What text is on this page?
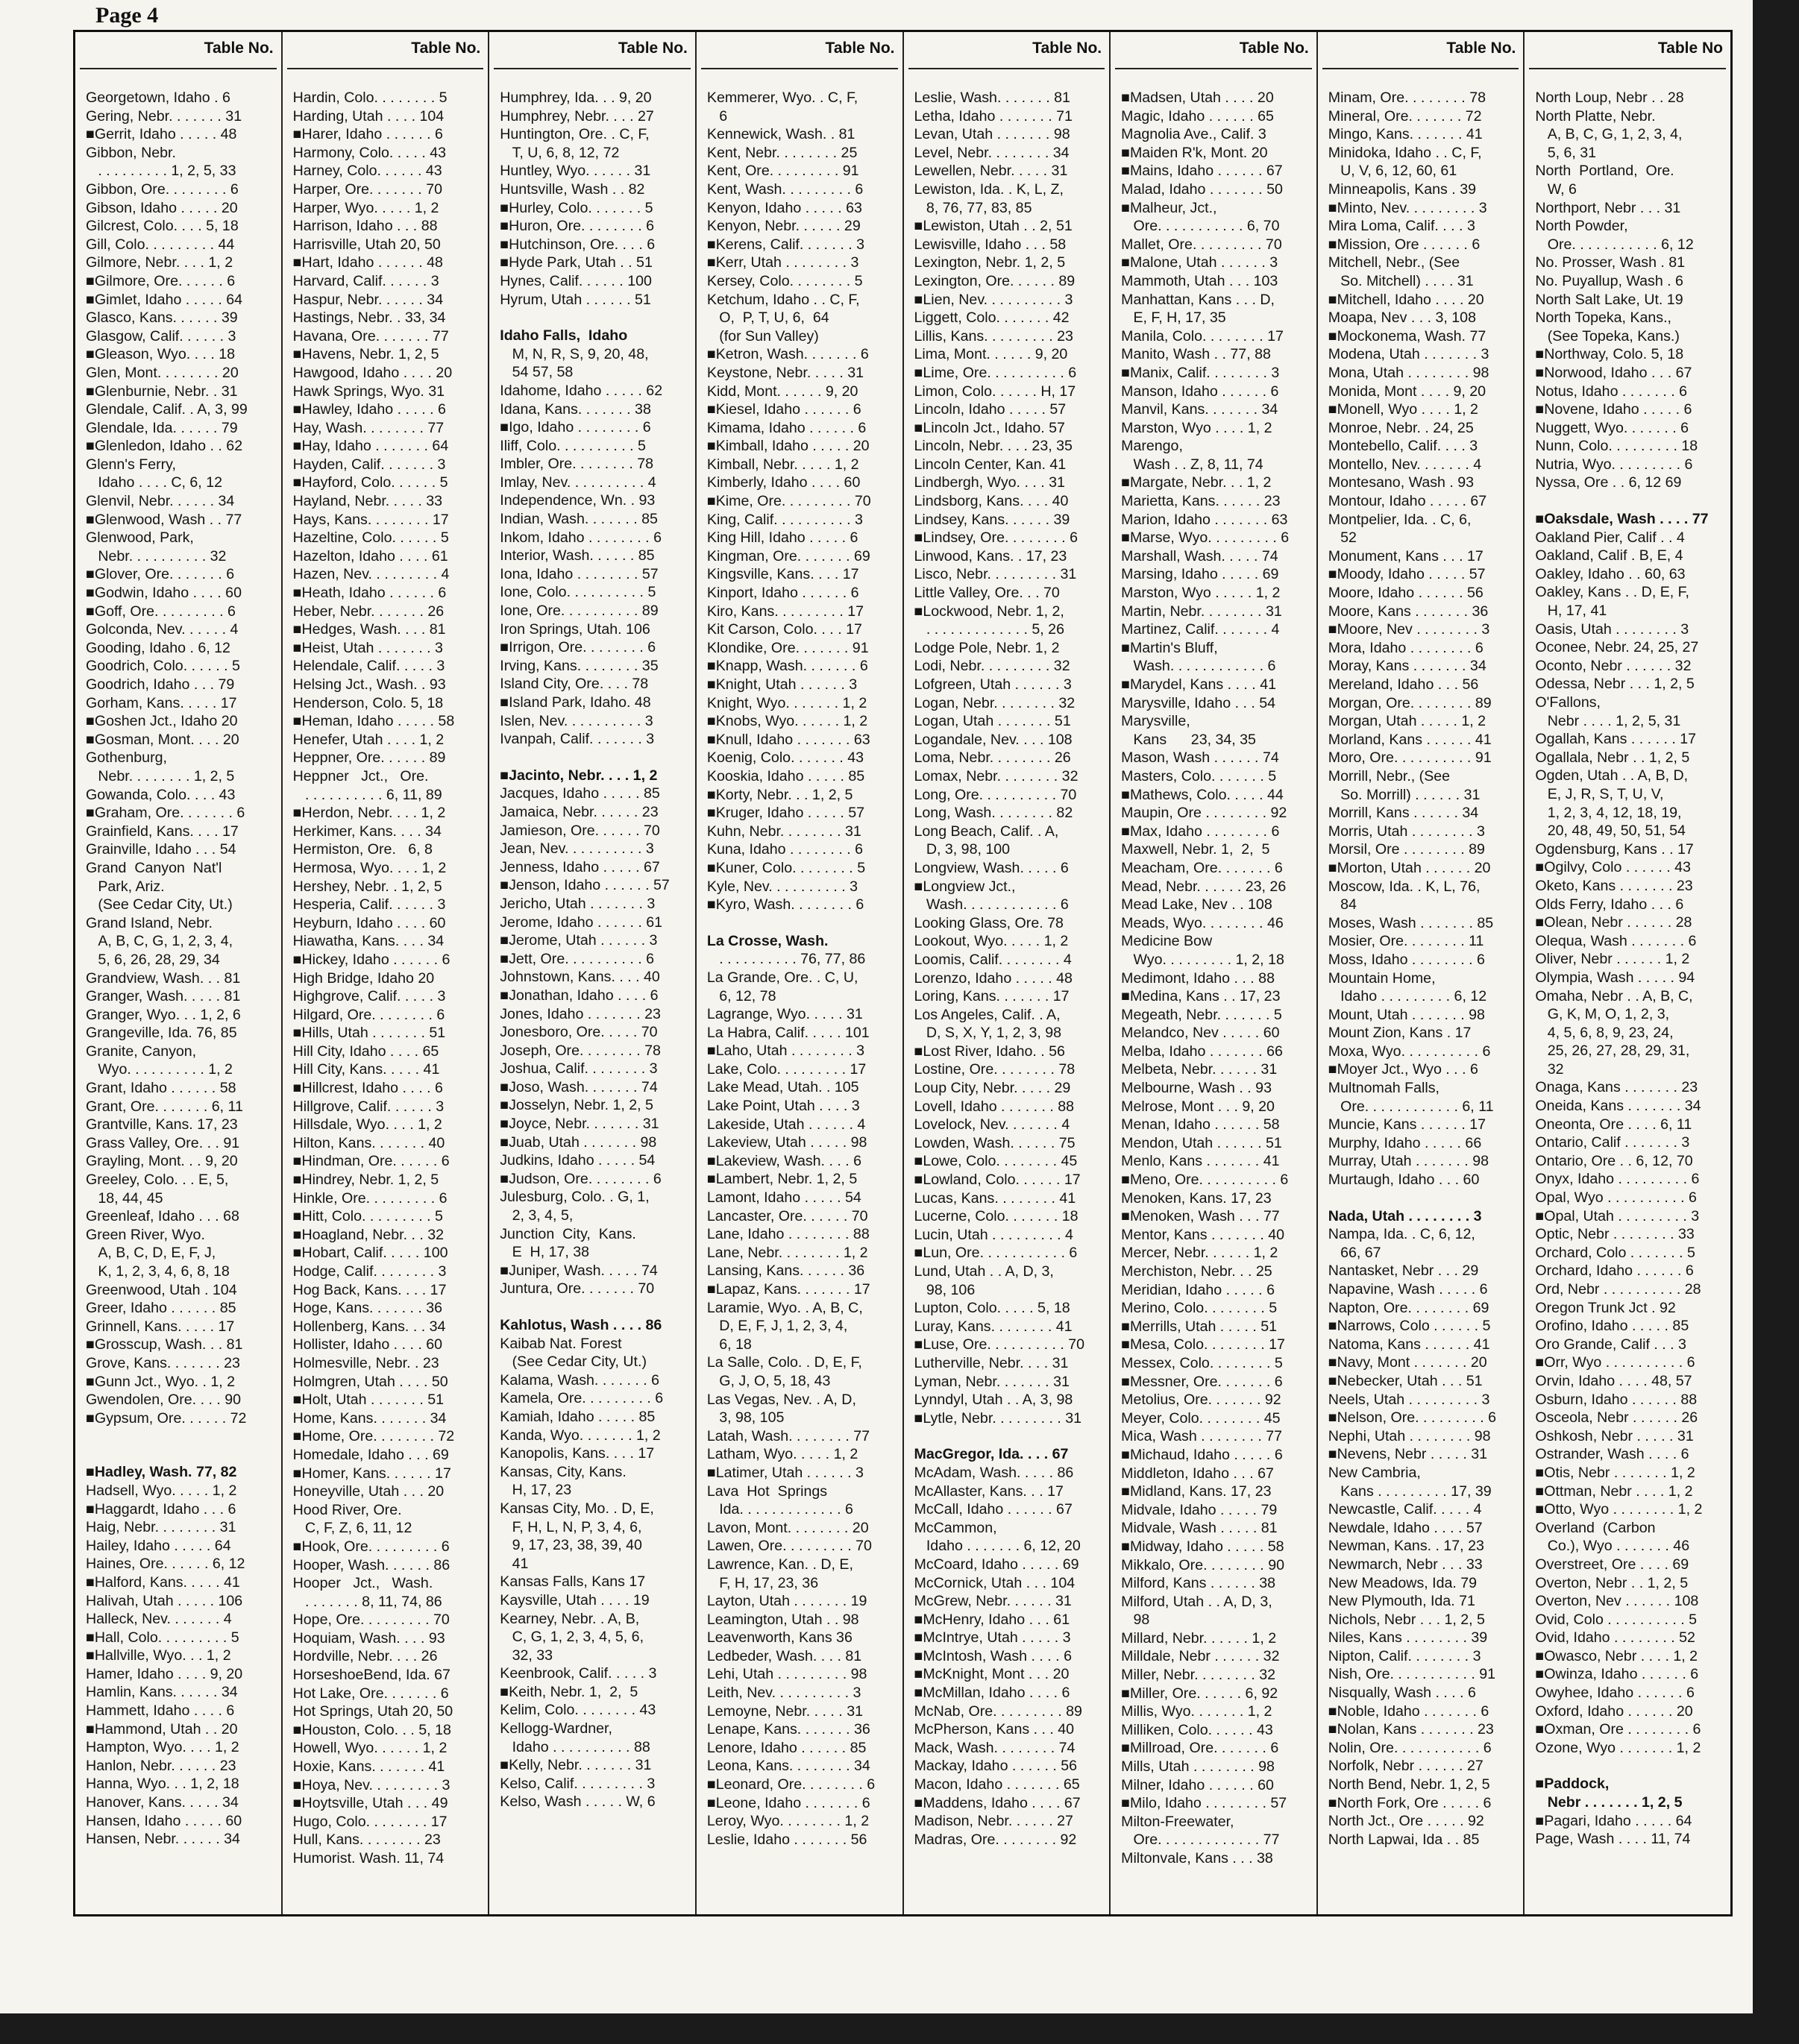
Page 4
Table No.
Georgetown, Idaho . 6
Gering, Nebr. . . . . . . 31
■Gerrit, Idaho . . . . . 48
Gibbon, Nebr.
. . . . . . . . . 1, 2, 5, 33
Gibbon, Ore. . . . . . . . 6
Gibson, Idaho . . . . . 20
Gilcrest, Colo. . . . 5, 18
Gill, Colo. . . . . . . . . 44
Gilmore, Nebr. . . . 1, 2
■Gilmore, Ore. . . . . . 6
■Gimlet, Idaho . . . . . 64
Glasco, Kans. . . . . . 39
Glasgow, Calif. . . . . . 3
■Gleason, Wyo. . . . 18
Glen, Mont. . . . . . . . 20
■Glenburnie, Nebr. . 31
Glendale, Calif. . A, 3, 99
Glendale, Ida. . . . . . 79
■Glenledon, Idaho . . 62
Glenn's Ferry,
Idaho . . . . C, 6, 12
Glenvil, Nebr. . . . . . 34
■Glenwood, Wash . . 77
Glenwood, Park,
Nebr. . . . . . . . . . 32
■Glover, Ore. . . . . . . 6
■Godwin, Idaho . . . . 60
■Goff, Ore. . . . . . . . . 6
Golconda, Nev. . . . . . 4
Gooding, Idaho . 6, 12
Goodrich, Colo. . . . . . 5
Goodrich, Idaho . . . 79
Gorham, Kans. . . . . 17
■Goshen Jct., Idaho 20
■Gosman, Mont. . . . 20
Gothenburg,
Nebr. . . . . . . . 1, 2, 5
Gowanda, Colo. . . . 43
■Graham, Ore. . . . . . . 6
Grainfield, Kans. . . . 17
Grainville, Idaho . . . 54
Grand  Canyon  Nat'l
Park, Ariz.
(See Cedar City, Ut.)
Grand Island, Nebr.
A, B, C, G, 1, 2, 3, 4,
5, 6, 26, 28, 29, 34
Grandview, Wash. . . 81
Granger, Wash. . . . . 81
Granger, Wyo. . . 1, 2, 6
Grangeville, Ida. 76, 85
Granite, Canyon,
Wyo. . . . . . . . . . 1, 2
Grant, Idaho . . . . . . 58
Grant, Ore. . . . . . . 6, 11
Grantville, Kans. 17, 23
Grass Valley, Ore. . . 91
Grayling, Mont. . . 9, 20
Greeley, Colo. . . E, 5,
18, 44, 45
Greenleaf, Idaho . . . 68
Green River, Wyo.
A, B, C, D, E, F, J,
K, 1, 2, 3, 4, 6, 8, 18
Greenwood, Utah . 104
Greer, Idaho . . . . . . 85
Grinnell, Kans. . . . . 17
■Grosscup, Wash. . . 81
Grove, Kans. . . . . . . 23
■Gunn Jct., Wyo. . 1, 2
Gwendolen, Ore. . . . 90
■Gypsum, Ore. . . . . . 72
■Hadley, Wash. 77, 82
Hadsell, Wyo. . . . . 1, 2
■Haggardt, Idaho . . . 6
Haig, Nebr. . . . . . . . 31
Hailey, Idaho . . . . . 64
Haines, Ore. . . . . . 6, 12
■Halford, Kans. . . . . 41
Halivah, Utah . . . . . 106
Halleck, Nev. . . . . . . 4
■Hall, Colo. . . . . . . . . 5
■Hallville, Wyo. . . 1, 2
Hamer, Idaho . . . . 9, 20
Hamlin, Kans. . . . . . 34
Hammett, Idaho . . . . 6
■Hammond, Utah . . 20
Hampton, Wyo. . . . 1, 2
Hanlon, Nebr. . . . . . 23
Hanna, Wyo. . . 1, 2, 18
Hanover, Kans. . . . . 34
Hansen, Idaho . . . . . 60
Hansen, Nebr. . . . . . 34
Table No.
Hardin, Colo. . . . . . . . 5
Harding, Utah . . . . 104
■Harer, Idaho . . . . . . 6
Harmony, Colo. . . . . 43
Harney, Colo. . . . . . 43
Harper, Ore. . . . . . . 70
Harper, Wyo. . . . . 1, 2
Harrison, Idaho . . . 88
Harrisville, Utah 20, 50
■Hart, Idaho . . . . . . 48
Harvard, Calif. . . . . . 3
Haspur, Nebr. . . . . . 34
Hastings, Nebr. . 33, 34
Havana, Ore. . . . . . . 77
■Havens, Nebr. 1, 2, 5
Hawgood, Idaho . . . . 20
Hawk Springs, Wyo. 31
■Hawley, Idaho . . . . . 6
Hay, Wash. . . . . . . . 77
■Hay, Idaho . . . . . . . 64
Hayden, Calif. . . . . . . 3
■Hayford, Colo. . . . . . 5
Hayland, Nebr. . . . . 33
Hays, Kans. . . . . . . . 17
Hazeltine, Colo. . . . . . 5
Hazelton, Idaho . . . . 61
Hazen, Nev. . . . . . . . . 4
■Heath, Idaho . . . . . . 6
Heber, Nebr. . . . . . . 26
■Hedges, Wash. . . . 81
■Heist, Utah . . . . . . . 3
Helendale, Calif. . . . . 3
Helsing Jct., Wash. . 93
Henderson, Colo. 5, 18
■Heman, Idaho . . . . . 58
Henefer, Utah . . . . 1, 2
Heppner, Ore. . . . . . 89
Heppner   Jct.,   Ore.
. . . . . . . . . . 6, 11, 89
■Herdon, Nebr. . . . 1, 2
Herkimer, Kans. . . . 34
Hermiston, Ore.   6, 8
Hermosa, Wyo. . . . 1, 2
Hershey, Nebr. . 1, 2, 5
Hesperia, Calif. . . . . . 3
Heyburn, Idaho . . . . 60
Hiawatha, Kans. . . . 34
■Hickey, Idaho . . . . . . 6
High Bridge, Idaho 20
Highgrove, Calif. . . . . 3
Hilgard, Ore. . . . . . . . 6
■Hills, Utah . . . . . . . 51
Hill City, Idaho . . . . 65
Hill City, Kans. . . . . 41
■Hillcrest, Idaho . . . . 6
Hillgrove, Calif. . . . . . 3
Hillsdale, Wyo. . . . 1, 2
Hilton, Kans. . . . . . . 40
■Hindman, Ore. . . . . . 6
■Hindrey, Nebr. 1, 2, 5
Hinkle, Ore. . . . . . . . . 6
■Hitt, Colo. . . . . . . . . 5
■Hoagland, Nebr. . . 32
■Hobart, Calif. . . . . 100
Hodge, Calif. . . . . . . . 3
Hog Back, Kans. . . . 17
Hoge, Kans. . . . . . . 36
Hollenberg, Kans. . . 34
Hollister, Idaho . . . . 60
Holmesville, Nebr. . 23
Holmgren, Utah . . . . 50
■Holt, Utah . . . . . . . 51
Home, Kans. . . . . . . 34
■Home, Ore. . . . . . . . 72
Homedale, Idaho . . . 69
■Homer, Kans. . . . . . 17
Honeyville, Utah . . . 20
Hood River, Ore.
C, F, Z, 6, 11, 12
■Hook, Ore. . . . . . . . . 6
Hooper, Wash. . . . . . 86
Hooper   Jct.,   Wash.
. . . . . . . 8, 11, 74, 86
Hope, Ore. . . . . . . . . 70
Hoquiam, Wash. . . . 93
Hordville, Nebr. . . . 26
HorseshoeBend, Ida. 67
Hot Lake, Ore. . . . . . . 6
Hot Springs, Utah 20, 50
■Houston, Colo. . . 5, 18
Howell, Wyo. . . . . . 1, 2
Hoxie, Kans. . . . . . . 41
■Hoya, Nev. . . . . . . . . 3
■Hoytsville, Utah . . . 49
Hugo, Colo. . . . . . . . 17
Hull, Kans. . . . . . . . 23
Humorist. Wash. 11, 74
Table No.
Humphrey, Ida. . . 9, 20
Humphrey, Nebr. . . . 27
Huntington, Ore. . C, F,
T, U, 6, 8, 12, 72
Huntley, Wyo. . . . . . 31
Huntsville, Wash . . 82
■Hurley, Colo. . . . . . . 5
■Huron, Ore. . . . . . . . 6
■Hutchinson, Ore. . . . 6
■Hyde Park, Utah . . 51
Hynes, Calif. . . . . . 100
Hyrum, Utah . . . . . . 51
Idaho Falls,  Idaho
M, N, R, S, 9, 20, 48,
54 57, 58
Idahome, Idaho . . . . . 62
Idana, Kans. . . . . . . 38
■Igo, Idaho . . . . . . . . 6
Iliff, Colo. . . . . . . . . . 5
Imbler, Ore. . . . . . . . 78
Imlay, Nev. . . . . . . . . . 4
Independence, Wn. . 93
Indian, Wash. . . . . . . 85
Inkom, Idaho . . . . . . . . 6
Interior, Wash. . . . . . 85
Iona, Idaho . . . . . . . . 57
Ione, Colo. . . . . . . . . . 5
Ione, Ore. . . . . . . . . . 89
Iron Springs, Utah. 106
■Irrigon, Ore. . . . . . . . 6
Irving, Kans. . . . . . . . 35
Island City, Ore. . . . 78
■Island Park, Idaho. 48
Islen, Nev. . . . . . . . . . 3
Ivanpah, Calif. . . . . . . 3
■Jacinto, Nebr. . . . 1, 2
Jacques, Idaho . . . . . 85
Jamaica, Nebr. . . . . . 23
Jamieson, Ore. . . . . . 70
Jean, Nev. . . . . . . . . . 3
Jenness, Idaho . . . . . 67
■Jenson, Idaho . . . . . . 57
Jericho, Utah . . . . . . . 3
Jerome, Idaho . . . . . . 61
■Jerome, Utah . . . . . . 3
■Jett, Ore. . . . . . . . . . 6
Johnstown, Kans. . . . 40
■Jonathan, Idaho . . . . 6
Jones, Idaho . . . . . . . 23
Jonesboro, Ore. . . . . 70
Joseph, Ore. . . . . . . . 78
Joshua, Calif. . . . . . . . 3
■Joso, Wash. . . . . . . 74
■Josselyn, Nebr. 1, 2, 5
■Joyce, Nebr. . . . . . . 31
■Juab, Utah . . . . . . . 98
Judkins, Idaho . . . . . 54
■Judson, Ore. . . . . . . . 6
Julesburg, Colo. . G, 1,
2, 3, 4, 5,
Junction  City,  Kans.
E  H, 17, 38
■Juniper, Wash. . . . . 74
Juntura, Ore. . . . . . . 70
Kahlotus, Wash . . . . 86
Kaibab Nat. Forest
(See Cedar City, Ut.)
Kalama, Wash. . . . . . . 6
Kamela, Ore. . . . . . . . . 6
Kamiah, Idaho . . . . . 85
Kanda, Wyo. . . . . . . 1, 2
Kanopolis, Kans. . . . 17
Kansas, City, Kans.
H, 17, 23
Kansas City, Mo. . D, E,
F, H, L, N, P, 3, 4, 6,
9, 17, 23, 38, 39, 40
41
Kansas Falls, Kans 17
Kaysville, Utah . . . . 19
Kearney, Nebr. . A, B,
C, G, 1, 2, 3, 4, 5, 6,
32, 33
Keenbrook, Calif. . . . . 3
■Keith, Nebr. 1,  2,  5
Kelim, Colo. . . . . . . . 43
Kellogg-Wardner,
Idaho . . . . . . . . . . 88
■Kelly, Nebr. . . . . . . 31
Kelso, Calif. . . . . . . . . 3
Kelso, Wash . . . . . W, 6
Table No.
Kemmerer, Wyo. . C, F,
6
Kennewick, Wash. . 81
Kent, Nebr. . . . . . . . 25
Kent, Ore. . . . . . . . . 91
Kent, Wash. . . . . . . . . 6
Kenyon, Idaho . . . . . 63
Kenyon, Nebr. . . . . . 29
■Kerens, Calif. . . . . . . 3
■Kerr, Utah . . . . . . . . 3
Kersey, Colo. . . . . . . . 5
Ketchum, Idaho . . C, F,
O,  P, T, U, 6,  64
(for Sun Valley)
■Ketron, Wash. . . . . . . 6
Keystone, Nebr. . . . . 31
Kidd, Mont. . . . . . 9, 20
■Kiesel, Idaho . . . . . . 6
Kimama, Idaho . . . . . . 6
■Kimball, Idaho . . . . . 20
Kimball, Nebr. . . . . 1, 2
Kimberly, Idaho . . . . 60
■Kime, Ore. . . . . . . . . 70
King, Calif. . . . . . . . . . 3
King Hill, Idaho . . . . . 6
Kingman, Ore. . . . . . . 69
Kingsville, Kans. . . . 17
Kinport, Idaho . . . . . . 6
Kiro, Kans. . . . . . . . . 17
Kit Carson, Colo. . . . 17
Klondike, Ore. . . . . . . 91
■Knapp, Wash. . . . . . . 6
■Knight, Utah . . . . . . 3
Knight, Wyo. . . . . . . 1, 2
■Knobs, Wyo. . . . . . 1, 2
■Knull, Idaho . . . . . . . 63
Koenig, Colo. . . . . . . 43
Kooskia, Idaho . . . . . 85
■Korty, Nebr. . . 1, 2, 5
■Kruger, Idaho . . . . . 57
Kuhn, Nebr. . . . . . . . 31
Kuna, Idaho . . . . . . . . 6
■Kuner, Colo. . . . . . . . 5
Kyle, Nev. . . . . . . . . . 3
■Kyro, Wash. . . . . . . . 6
La Crosse, Wash.
. . . . . . . . . . 76, 77, 86
La Grande, Ore. . C, U,
6, 12, 78
Lagrange, Wyo. . . . . 31
La Habra, Calif. . . . . 101
■Laho, Utah . . . . . . . . 3
Lake, Colo. . . . . . . . . 17
Lake Mead, Utah. . 105
Lake Point, Utah . . . . 3
Lakeside, Utah . . . . . . 4
Lakeview, Utah . . . . . 98
■Lakeview, Wash. . . . 6
■Lambert, Nebr. 1, 2, 5
Lamont, Idaho . . . . . 54
Lancaster, Ore. . . . . . 70
Lane, Idaho . . . . . . . . 88
Lane, Nebr. . . . . . . . 1, 2
Lansing, Kans. . . . . . 36
■Lapaz, Kans. . . . . . . 17
Laramie, Wyo. . A, B, C,
D, E, F, J, 1, 2, 3, 4,
6, 18
La Salle, Colo. . D, E, F,
G, J, O, 5, 18, 43
Las Vegas, Nev. . A, D,
3, 98, 105
Latah, Wash. . . . . . . . 77
Latham, Wyo. . . . . 1, 2
■Latimer, Utah . . . . . . 3
Lava  Hot  Springs
Ida. . . . . . . . . . . . . 6
Lavon, Mont. . . . . . . . 20
Lawen, Ore. . . . . . . . . 70
Lawrence, Kan. . D, E,
F, H, 17, 23, 36
Layton, Utah . . . . . . . 19
Leamington, Utah . . 98
Leavenworth, Kans 36
Ledbeder, Wash. . . . 81
Lehi, Utah . . . . . . . . . 98
Leith, Nev. . . . . . . . . . 3
Lemoyne, Nebr. . . . . 31
Lenape, Kans. . . . . . . 36
Lenore, Idaho . . . . . . 85
Leona, Kans. . . . . . . . 34
■Leonard, Ore. . . . . . . . 6
■Leone, Idaho . . . . . . . 6
Leroy, Wyo. . . . . . . . 1, 2
Leslie, Idaho . . . . . . . 56
Table No.
Leslie, Wash. . . . . . . 81
Letha, Idaho . . . . . . . 71
Levan, Utah . . . . . . . 98
Level, Nebr. . . . . . . . 34
Lewellen, Nebr. . . . . 31
Lewiston, Ida. . K, L, Z,
8, 76, 77, 83, 85
■Lewiston, Utah . . 2, 51
Lewisville, Idaho . . . 58
Lexington, Nebr. 1, 2, 5
Lexington, Ore. . . . . . 89
■Lien, Nev. . . . . . . . . . 3
Liggett, Colo. . . . . . . 42
Lillis, Kans. . . . . . . . . 23
Lima, Mont. . . . . . 9, 20
■Lime, Ore. . . . . . . . . . 6
Limon, Colo. . . . . . H, 17
Lincoln, Idaho . . . . . 57
■Lincoln Jct., Idaho. 57
Lincoln, Nebr. . . . 23, 35
Lincoln Center, Kan. 41
Lindbergh, Wyo. . . . 31
Lindsborg, Kans. . . . 40
Lindsey, Kans. . . . . . 39
■Lindsey, Ore. . . . . . . . 6
Linwood, Kans. . 17, 23
Lisco, Nebr. . . . . . . . . 31
Little Valley, Ore. . . 70
■Lockwood, Nebr. 1, 2,
. . . . . . . . . . . . . 5, 26
Lodge Pole, Nebr. 1, 2
Lodi, Nebr. . . . . . . . . 32
Lofgreen, Utah . . . . . . 3
Logan, Nebr. . . . . . . . 32
Logan, Utah . . . . . . . 51
Logandale, Nev. . . . 108
Loma, Nebr. . . . . . . . 26
Lomax, Nebr. . . . . . . . 32
Long, Ore. . . . . . . . . . 70
Long, Wash. . . . . . . . 82
Long Beach, Calif. . A,
D, 3, 98, 100
Longview, Wash. . . . . 6
■Longview Jct.,
Wash. . . . . . . . . . . . 6
Looking Glass, Ore. 78
Lookout, Wyo. . . . . 1, 2
Loomis, Calif. . . . . . . . 4
Lorenzo, Idaho . . . . . 48
Loring, Kans. . . . . . . 17
Los Angeles, Calif. . A,
D, S, X, Y, 1, 2, 3, 98
■Lost River, Idaho. . 56
Lostine, Ore. . . . . . . . 78
Loup City, Nebr. . . . . 29
Lovell, Idaho . . . . . . . 88
Lovelock, Nev. . . . . . . 4
Lowden, Wash. . . . . . 75
■Lowe, Colo. . . . . . . . 45
■Lowland, Colo. . . . . . 17
Lucas, Kans. . . . . . . . 41
Lucerne, Colo. . . . . . . 18
Lucin, Utah . . . . . . . . . 4
■Lun, Ore. . . . . . . . . . . 6
Lund, Utah . . A, D, 3,
98, 106
Lupton, Colo. . . . . 5, 18
Luray, Kans. . . . . . . . 41
■Luse, Ore. . . . . . . . . . 70
Lutherville, Nebr. . . . 31
Lyman, Nebr. . . . . . . 31
Lynndyl, Utah . . A, 3, 98
■Lytle, Nebr. . . . . . . . . 31
MacGregor, Ida. . . . 67
McAdam, Wash. . . . . 86
McAllaster, Kans. . . 17
McCall, Idaho . . . . . . 67
McCammon,
Idaho . . . . . . . 6, 12, 20
McCoard, Idaho . . . . . 69
McCornick, Utah . . . 104
McGrew, Nebr. . . . . . 31
■McHenry, Idaho . . . 61
■McIntrye, Utah . . . . . 3
■McIntosh, Wash . . . . 6
■McKnight, Mont . . . 20
■McMillan, Idaho . . . . 6
McNab, Ore. . . . . . . . . 89
McPherson, Kans . . . 40
Mack, Wash. . . . . . . . 74
Mackay, Idaho . . . . . . 56
Macon, Idaho . . . . . . . 65
■Maddens, Idaho . . . . 67
Madison, Nebr. . . . . . 27
Madras, Ore. . . . . . . . 92
Table No.
■Madsen, Utah . . . . 20
Magic, Idaho . . . . . . 65
Magnolia Ave., Calif. 3
■Maiden R'k, Mont. 20
■Mains, Idaho . . . . . . 67
Malad, Idaho . . . . . . . 50
■Malheur, Jct.,
Ore. . . . . . . . . . . 6, 70
Mallet, Ore. . . . . . . . . 70
■Malone, Utah . . . . . . 3
Mammoth, Utah . . . 103
Manhattan, Kans . . . D,
E, F, H, 17, 35
Manila, Colo. . . . . . . . 17
Manito, Wash . . 77, 88
■Manix, Calif. . . . . . . . 3
Manson, Idaho . . . . . . 6
Manvil, Kans. . . . . . . 34
Marston, Wyo . . . . 1, 2
Marengo,
Wash . . Z, 8, 11, 74
■Margate, Nebr. . . 1, 2
Marietta, Kans. . . . . . 23
Marion, Idaho . . . . . . . 63
■Marse, Wyo. . . . . . . . . 6
Marshall, Wash. . . . . 74
Marsing, Idaho . . . . . 69
Marston, Wyo . . . . . 1, 2
Martin, Nebr. . . . . . . . 31
Martinez, Calif. . . . . . . 4
■Martin's Bluff,
Wash. . . . . . . . . . . . 6
■Marydel, Kans . . . . 41
Marysville, Idaho . . . 54
Marysville,
Kans      23, 34, 35
Mason, Wash . . . . . . 74
Masters, Colo. . . . . . . 5
■Mathews, Colo. . . . . 44
Maupin, Ore . . . . . . . . 92
■Max, Idaho . . . . . . . . 6
Maxwell, Nebr. 1,  2,  5
Meacham, Ore. . . . . . . 6
Mead, Nebr. . . . . . 23, 26
Mead Lake, Nev . . 108
Meads, Wyo. . . . . . . . 46
Medicine Bow
Wyo. . . . . . . . . 1, 2, 18
Medimont, Idaho . . . 88
■Medina, Kans . . 17, 23
Megeath, Nebr. . . . . . . 5
Melandco, Nev . . . . . 60
Melba, Idaho . . . . . . . 66
Melbeta, Nebr. . . . . . 31
Melbourne, Wash . . 93
Melrose, Mont . . . 9, 20
Menan, Idaho . . . . . . 58
Mendon, Utah . . . . . . 51
Menlo, Kans . . . . . . . 41
■Meno, Ore. . . . . . . . . . 6
Menoken, Kans. 17, 23
■Menoken, Wash . . . 77
Mentor, Kans . . . . . . . 40
Mercer, Nebr. . . . . . 1, 2
Merchiston, Nebr. . . 25
Meridian, Idaho . . . . . 6
Merino, Colo. . . . . . . . 5
■Merrills, Utah . . . . . 51
■Mesa, Colo. . . . . . . . 17
Messex, Colo. . . . . . . . 5
■Messner, Ore. . . . . . . 6
Metolius, Ore. . . . . . . 92
Meyer, Colo. . . . . . . . 45
Mica, Wash . . . . . . . . 77
■Michaud, Idaho . . . . . 6
Middleton, Idaho . . . 67
■Midland, Kans. 17, 23
Midvale, Idaho . . . . . 79
Midvale, Wash . . . . . 81
■Midway, Idaho . . . . . 58
Mikkalo, Ore. . . . . . . . 90
Milford, Kans . . . . . . 38
Milford, Utah . . A, D, 3,
98
Millard, Nebr. . . . . . 1, 2
Milldale, Nebr . . . . . . 32
Miller, Nebr. . . . . . . . 32
■Miller, Ore. . . . . . 6, 92
Millis, Wyo. . . . . . . 1, 2
Milliken, Colo. . . . . . 43
■Millroad, Ore. . . . . . . 6
Mills, Utah . . . . . . . . 98
Milner, Idaho . . . . . . 60
■Milo, Idaho . . . . . . . . 57
Milton-Freewater,
Ore. . . . . . . . . . . . . 77
Miltonvale, Kans . . . 38
Table No.
Minam, Ore. . . . . . . . 78
Mineral, Ore. . . . . . . 72
Mingo, Kans. . . . . . . 41
Minidoka, Idaho . . C, F,
U, V, 6, 12, 60, 61
Minneapolis, Kans . 39
■Minto, Nev. . . . . . . . . 3
Mira Loma, Calif. . . . 3
■Mission, Ore . . . . . . 6
Mitchell, Nebr., (See
So. Mitchell) . . . . 31
■Mitchell, Idaho . . . . 20
Moapa, Nev . . . 3, 108
■Mockonema, Wash. 77
Modena, Utah . . . . . . . 3
Mona, Utah . . . . . . . . 98
Monida, Mont . . . . 9, 20
■Monell, Wyo . . . . 1, 2
Monroe, Nebr. . 24, 25
Montebello, Calif. . . . 3
Montello, Nev. . . . . . . 4
Montesano, Wash . 93
Montour, Idaho . . . . . 67
Montpelier, Ida. . C, 6,
52
Monument, Kans . . . 17
■Moody, Idaho . . . . . 57
Moore, Idaho . . . . . . 56
Moore, Kans . . . . . . . 36
■Moore, Nev . . . . . . . . 3
Mora, Idaho . . . . . . . . 6
Moray, Kans . . . . . . . 34
Mereland, Idaho . . . 56
Morgan, Ore. . . . . . . . 89
Morgan, Utah . . . . . 1, 2
Morland, Kans . . . . . . 41
Moro, Ore. . . . . . . . . . 91
Morrill, Nebr., (See
So. Morrill) . . . . . . 31
Morrill, Kans . . . . . . 34
Morris, Utah . . . . . . . . 3
Morsil, Ore . . . . . . . . 89
■Morton, Utah . . . . . . 20
Moscow, Ida. . K, L, 76,
84
Moses, Wash . . . . . . . 85
Mosier, Ore. . . . . . . . 11
Moss, Idaho . . . . . . . . 6
Mountain Home,
Idaho . . . . . . . . . 6, 12
Mount, Utah . . . . . . . 98
Mount Zion, Kans . 17
Moxa, Wyo. . . . . . . . . . 6
■Moyer Jct., Wyo . . . 6
Multnomah Falls,
Ore. . . . . . . . . . . . 6, 11
Muncie, Kans . . . . . . 17
Murphy, Idaho . . . . . 66
Murray, Utah . . . . . . . 98
Murtaugh, Idaho . . . 60
Nada, Utah . . . . . . . . 3
Nampa, Ida. . C, 6, 12,
66, 67
Nantasket, Nebr . . . 29
Napavine, Wash . . . . . 6
Napton, Ore. . . . . . . . 69
■Narrows, Colo . . . . . . 5
Natoma, Kans . . . . . . 41
■Navy, Mont . . . . . . . 20
■Nebecker, Utah . . . 51
Neels, Utah . . . . . . . . . 3
■Nelson, Ore. . . . . . . . . 6
Nephi, Utah . . . . . . . . 98
■Nevens, Nebr . . . . . 31
New Cambria,
Kans . . . . . . . . . 17, 39
Newcastle, Calif. . . . . 4
Newdale, Idaho . . . . 57
Newman, Kans. . 17, 23
Newmarch, Nebr . . . 33
New Meadows, Ida. 79
New Plymouth, Ida. 71
Nichols, Nebr . . . 1, 2, 5
Niles, Kans . . . . . . . . 39
Nipton, Calif. . . . . . . . 3
Nish, Ore. . . . . . . . . . . 91
Nisqually, Wash . . . . 6
■Noble, Idaho . . . . . . . 6
■Nolan, Kans . . . . . . . 23
Nolin, Ore. . . . . . . . . . . 6
Norfolk, Nebr . . . . . . 27
North Bend, Nebr. 1, 2, 5
■North Fork, Ore . . . . . 6
North Jct., Ore . . . . . 92
North Lapwai, Ida . . 85
Table No
North Loup, Nebr . . 28
North Platte, Nebr.
A, B, C, G, 1, 2, 3, 4,
5, 6, 31
North  Portland,  Ore.
W, 6
Northport, Nebr . . . 31
North Powder,
Ore. . . . . . . . . . . 6, 12
No. Prosser, Wash . 81
No. Puyallup, Wash . 6
North Salt Lake, Ut. 19
North Topeka, Kans.,
(See Topeka, Kans.)
■Northway, Colo. 5, 18
■Norwood, Idaho . . . 67
Notus, Idaho . . . . . . . 6
■Novene, Idaho . . . . . 6
Nuggett, Wyo. . . . . . . 6
Nunn, Colo. . . . . . . . . 18
Nutria, Wyo. . . . . . . . . 6
Nyssa, Ore . . 6, 12 69
■Oaksdale, Wash . . . . 77
Oakland Pier, Calif . . 4
Oakland, Calif . B, E, 4
Oakley, Idaho . . 60, 63
Oakley, Kans . . D, E, F,
H, 17, 41
Oasis, Utah . . . . . . . . 3
Oconee, Nebr. 24, 25, 27
Oconto, Nebr . . . . . . 32
Odessa, Nebr . . . 1, 2, 5
O'Fallons,
Nebr . . . . 1, 2, 5, 31
Ogallah, Kans . . . . . . 17
Ogallala, Nebr . . 1, 2, 5
Ogden, Utah . . A, B, D,
E, J, R, S, T, U, V,
1, 2, 3, 4, 12, 18, 19,
20, 48, 49, 50, 51, 54
Ogdensburg, Kans . . 17
■Ogilvy, Colo . . . . . . 43
Oketo, Kans . . . . . . . 23
Olds Ferry, Idaho . . . 6
■Olean, Nebr . . . . . . 28
Olequa, Wash . . . . . . . 6
Oliver, Nebr . . . . . . 1, 2
Olympia, Wash . . . . . 94
Omaha, Nebr . . A, B, C,
G, K, M, O, 1, 2, 3,
4, 5, 6, 8, 9, 23, 24,
25, 26, 27, 28, 29, 31,
32
Onaga, Kans . . . . . . . 23
Oneida, Kans . . . . . . . 34
Oneonta, Ore . . . . 6, 11
Ontario, Calif . . . . . . . 3
Ontario, Ore . . 6, 12, 70
Onyx, Idaho . . . . . . . . . 6
Opal, Wyo . . . . . . . . . . 6
■Opal, Utah . . . . . . . . . 3
Optic, Nebr . . . . . . . . 33
Orchard, Colo . . . . . . . 5
Orchard, Idaho . . . . . . 6
Ord, Nebr . . . . . . . . . . 28
Oregon Trunk Jct . 92
Orofino, Idaho . . . . . 85
Oro Grande, Calif . . . 3
■Orr, Wyo . . . . . . . . . . 6
Orvin, Idaho . . . . 48, 57
Osburn, Idaho . . . . . . 88
Osceola, Nebr . . . . . . 26
Oshkosh, Nebr . . . . . 31
Ostrander, Wash . . . . 6
■Otis, Nebr . . . . . . . 1, 2
■Ottman, Nebr . . . . 1, 2
■Otto, Wyo . . . . . . . . 1, 2
Overland  (Carbon
Co.), Wyo . . . . . . . 46
Overstreet, Ore . . . . 69
Overton, Nebr . . 1, 2, 5
Overton, Nev . . . . . . 108
Ovid, Colo . . . . . . . . . . 5
Ovid, Idaho . . . . . . . . 52
■Owasco, Nebr . . . . 1, 2
■Owinza, Idaho . . . . . . 6
Owyhee, Idaho . . . . . . 6
Oxford, Idaho . . . . . . 20
■Oxman, Ore . . . . . . . . 6
Ozone, Wyo . . . . . . . 1, 2
■Paddock,
Nebr . . . . . . . 1, 2, 5
■Pagari, Idaho . . . . . 64
Page, Wash . . . . 11, 74
